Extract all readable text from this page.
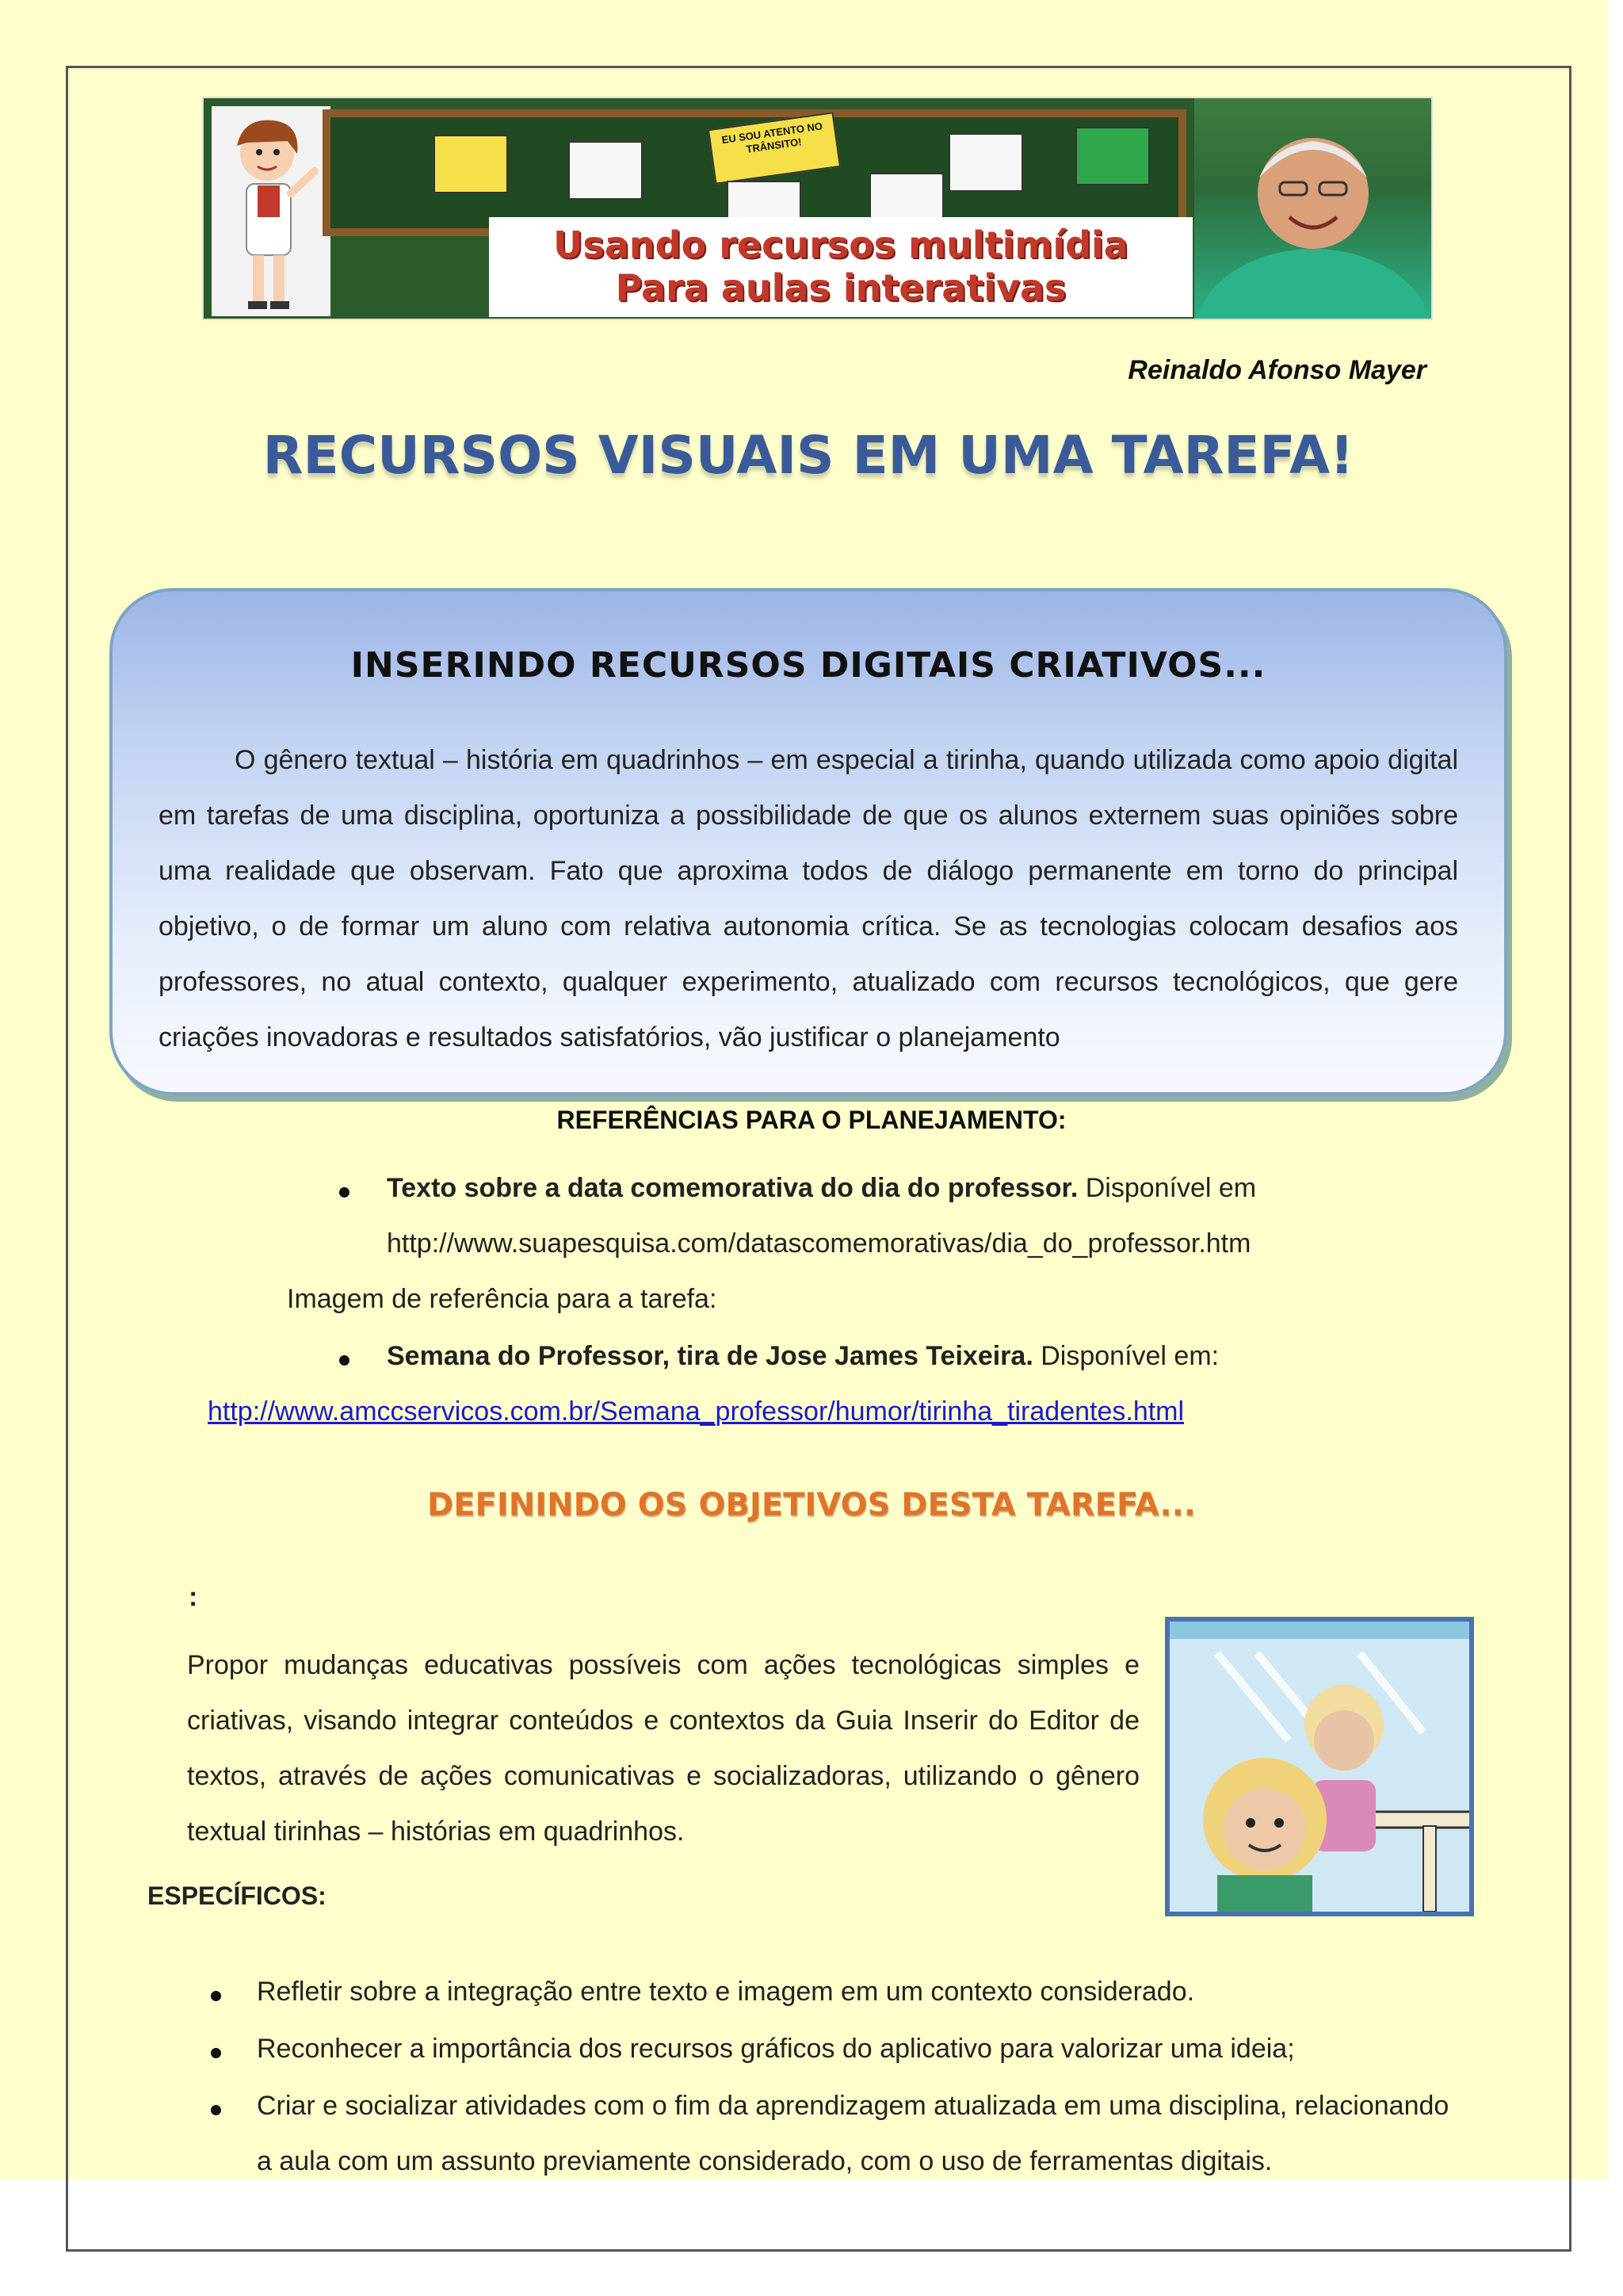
EU SOU ATENTO NO TRÂNSITO!
Usando recursos multimídia
Para aulas interativas
Reinaldo Afonso Mayer
RECURSOS VISUAIS EM UMA TAREFA!
INSERINDO RECURSOS DIGITAIS CRIATIVOS...
O gênero textual – história em quadrinhos – em especial a tirinha, quando utilizada como apoio digital em tarefas de uma disciplina, oportuniza a possibilidade de que os alunos externem suas opiniões sobre uma realidade que observam. Fato que aproxima todos de diálogo permanente em torno do principal objetivo, o de formar um aluno com relativa autonomia crítica. Se as tecnologias colocam desafios aos professores, no atual contexto, qualquer experimento, atualizado com recursos tecnológicos, que gere criações inovadoras e resultados satisfatórios, vão justificar o planejamento
REFERÊNCIAS PARA O PLANEJAMENTO:
Texto sobre a data comemorativa do dia do professor. Disponível em
http://www.suapesquisa.com/datascomemorativas/dia_do_professor.htm
Imagem de referência para a tarefa:
Semana do Professor, tira de Jose James Teixeira. Disponível em:
http://www.amccservicos.com.br/Semana_professor/humor/tirinha_tiradentes.html
DEFININDO OS OBJETIVOS DESTA TAREFA...
:
Propor mudanças educativas possíveis com ações tecnológicas simples e criativas, visando integrar conteúdos e contextos da Guia Inserir do Editor de textos, através de ações comunicativas e socializadoras, utilizando o gênero textual tirinhas – histórias em quadrinhos.
ESPECÍFICOS:
Refletir sobre a integração entre texto e imagem em um contexto considerado.
Reconhecer a importância dos recursos gráficos do aplicativo para valorizar uma ideia;
Criar e socializar atividades com o fim da aprendizagem atualizada em uma disciplina, relacionando
a aula com um assunto previamente considerado, com o uso de ferramentas digitais.
